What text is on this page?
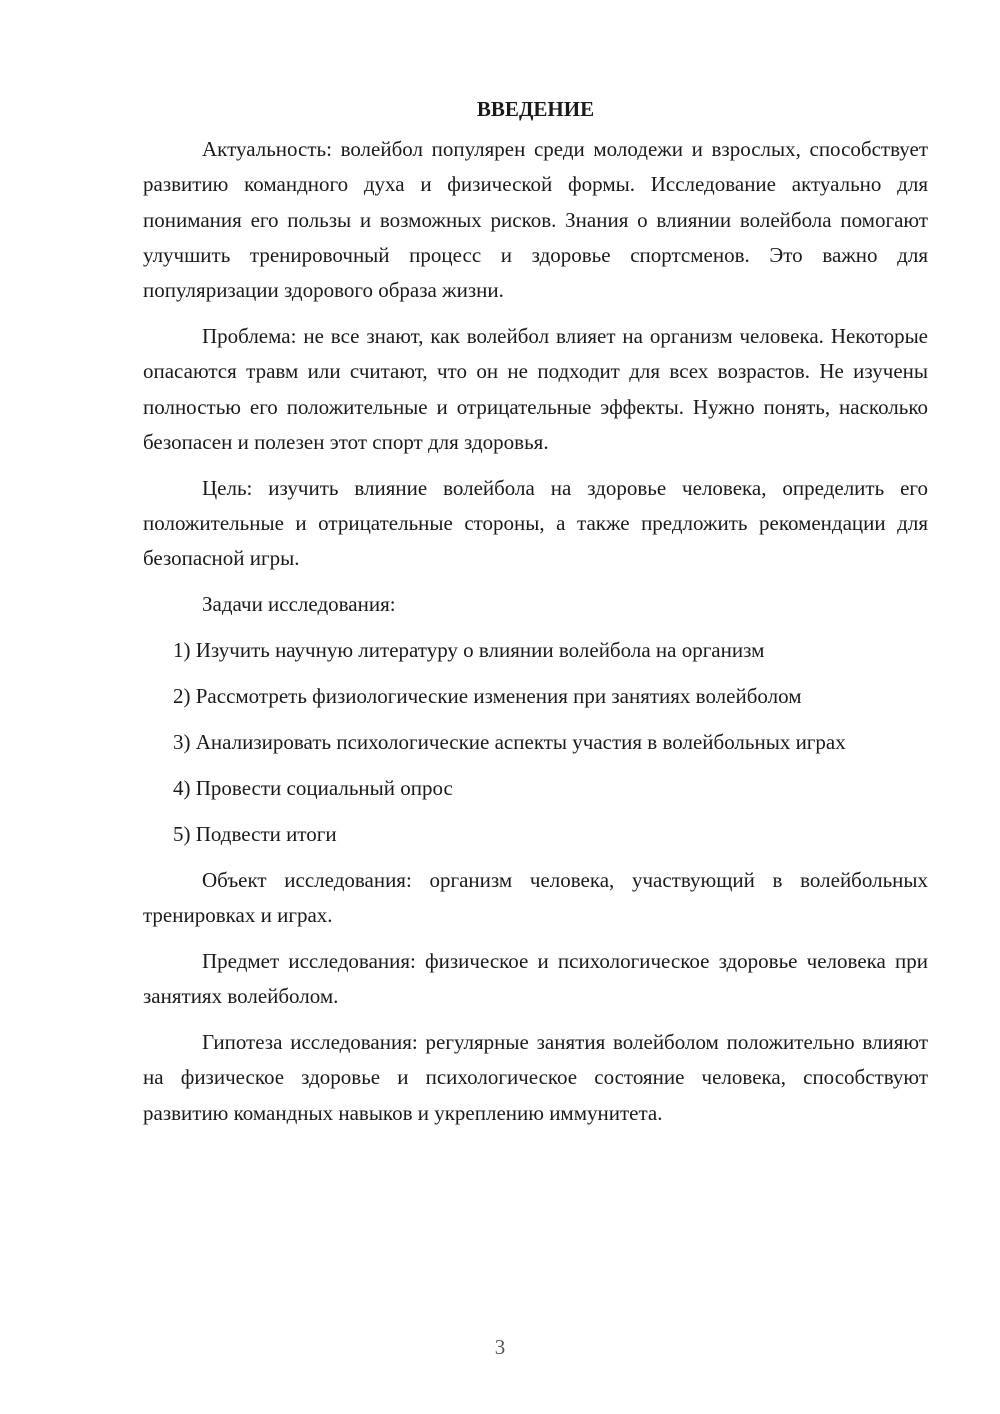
ВВЕДЕНИЕ

Актуальность: волейбол популярен среди молодежи и взрослых, способствует развитию командного духа и физической формы. Исследование актуально для понимания его пользы и возможных рисков. Знания о влиянии волейбола помогают улучшить тренировочный процесс и здоровье спортсменов. Это важно для популяризации здорового образа жизни.

Проблема: не все знают, как волейбол влияет на организм человека. Некоторые опасаются травм или считают, что он не подходит для всех возрастов. Не изучены полностью его положительные и отрицательные эффекты. Нужно понять, насколько безопасен и полезен этот спорт для здоровья.

Цель: изучить влияние волейбола на здоровье человека, определить его положительные и отрицательные стороны, а также предложить рекомендации для безопасной игры.

Задачи исследования:

1) Изучить научную литературу о влиянии волейбола на организм

2) Рассмотреть физиологические изменения при занятиях волейболом

3) Анализировать психологические аспекты участия в волейбольных играх

4) Провести социальный опрос

5) Подвести итоги

Объект исследования: организм человека, участвующий в волейбольных тренировках и играх.

Предмет исследования: физическое и психологическое здоровье человека при занятиях волейболом.

Гипотеза исследования: регулярные занятия волейболом положительно влияют на физическое здоровье и психологическое состояние человека, способствуют развитию командных навыков и укреплению иммунитета.

3
